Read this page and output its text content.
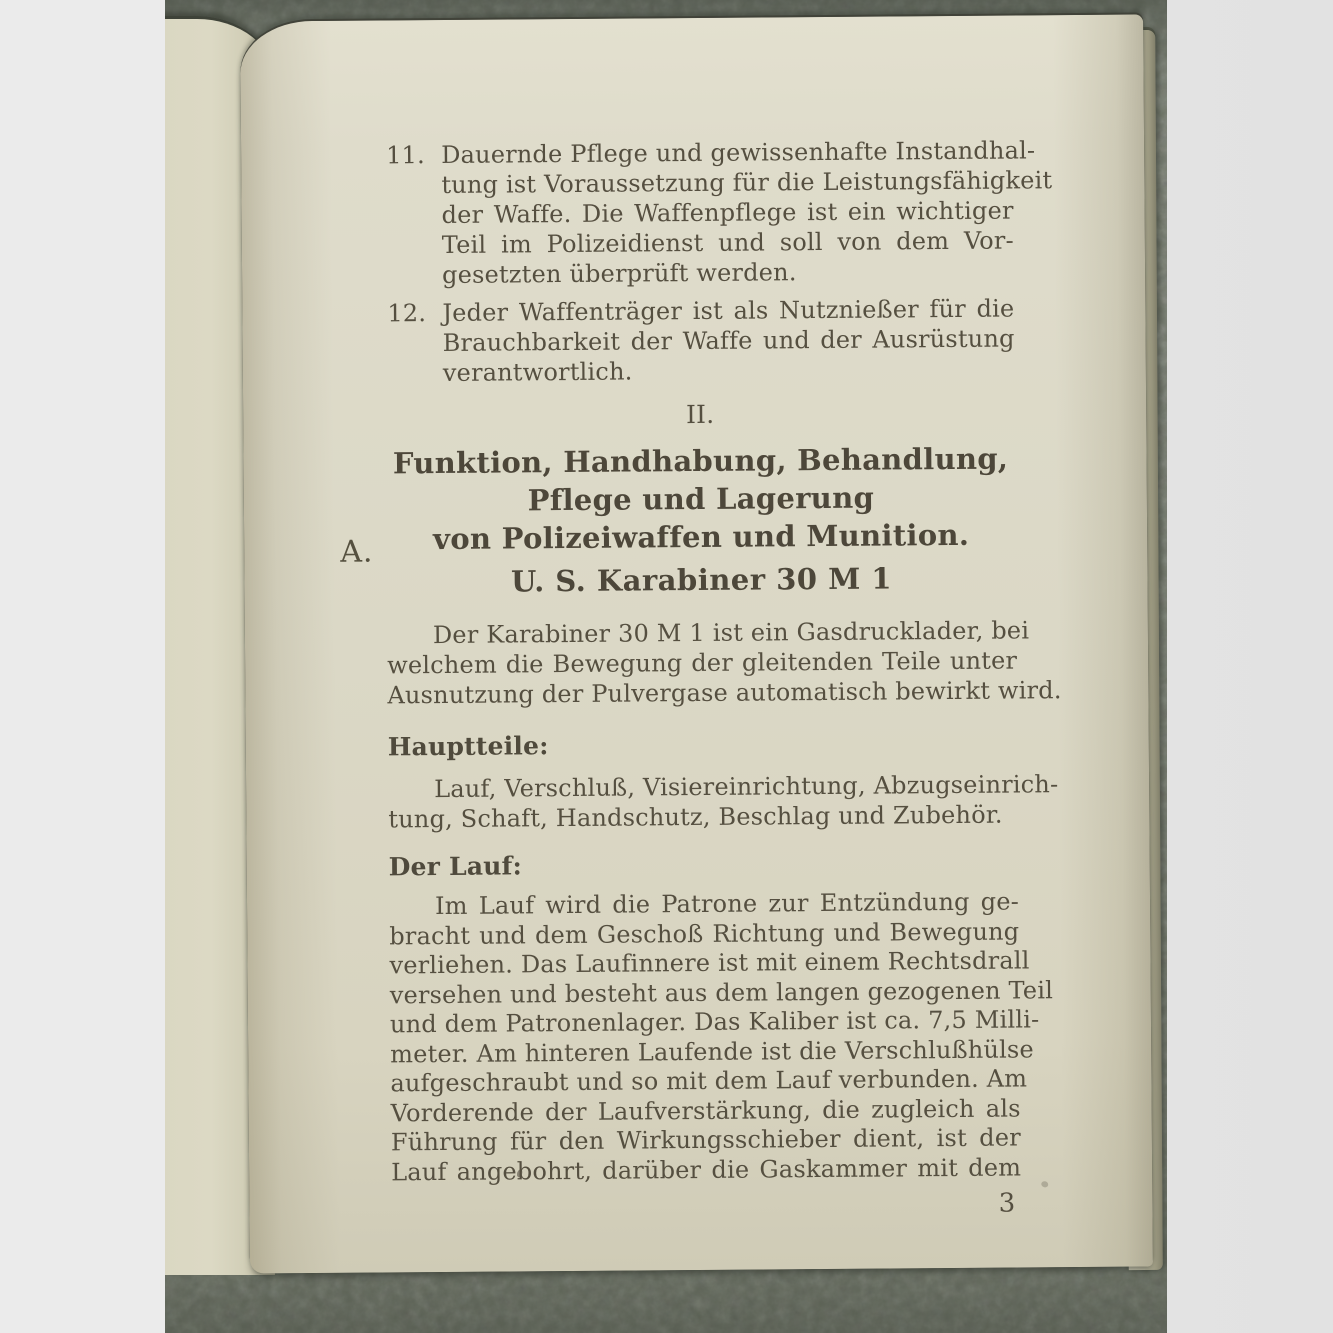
A.
11. Dauernde Pflege und gewissenhafte Instandhal-
tung ist Voraussetzung für die Leistungsfähigkeit
der Waffe. Die Waffenpflege ist ein wichtiger
Teil im Polizeidienst und soll von dem Vor-
gesetzten überprüft werden.
12. Jeder Waffenträger ist als Nutznießer für die
Brauchbarkeit der Waffe und der Ausrüstung
verantwortlich.
II.
Funktion, Handhabung, Behandlung,
Pflege und Lagerung
von Polizeiwaffen und Munition.
U. S. Karabiner 30 M 1
Der Karabiner 30 M 1 ist ein Gasdrucklader, bei
welchem die Bewegung der gleitenden Teile unter
Ausnutzung der Pulvergase automatisch bewirkt wird.
Hauptteile:
Lauf, Verschluß, Visiereinrichtung, Abzugseinrich-
tung, Schaft, Handschutz, Beschlag und Zubehör.
Der Lauf:
Im Lauf wird die Patrone zur Entzündung ge-
bracht und dem Geschoß Richtung und Bewegung
verliehen. Das Laufinnere ist mit einem Rechtsdrall
versehen und besteht aus dem langen gezogenen Teil
und dem Patronenlager. Das Kaliber ist ca. 7,5 Milli-
meter. Am hinteren Laufende ist die Verschlußhülse
aufgeschraubt und so mit dem Lauf verbunden. Am
Vorderende der Laufverstärkung, die zugleich als
Führung für den Wirkungsschieber dient, ist der
Lauf angebohrt, darüber die Gaskammer mit dem
3
